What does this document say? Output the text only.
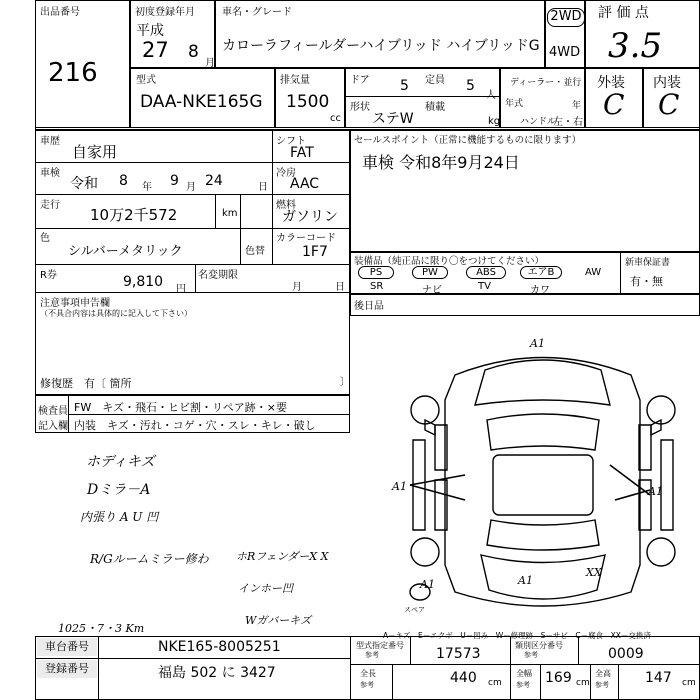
出品番号
216
初度登録年月
平成
27 8
月
車名・グレード
カローラフィールダーハイブリッド ハイブリッドG
2WD
4WD
評 価 点
3.5
型式
DAA-NKE165G
排気量
1500
cc
ドア 5 定員 5
人
形状
ステW
積載
kg
ディーラー・並行
年式	年
ハンドル
左・右
外装
C
内装
C
車歴
自家用
シフト
FAT
車検
令和 8 年 9 月 24	日
冷房
AAC
走行
10万2千572	km
燃料
ガソリン
色
シルバーメタリック	色替
カラーコード
1F7
R券	9,810 円
名変期限
月	日
注意事項申告欄
（不具合内容は具体的に記入して下さい）
修復歴　有〔 箇所	〕
セールスポイント（正常に機能するものに限ります）
車検 令和8年9月24日
装備品（純正品に限り〇をつけてください）
PS	PW	ABS	エアB	AW
SR	ナビ	TV	カワ
新車保証書
有・無
後日品
検査員
記入欄
FW　キズ・飛石・ヒビ割・リペア跡・×要
内装　キズ・汚れ・コゲ・穴・スレ・キレ・破し
ホディキズ
Dミラ－A
内張り A U 凹
R/Gルームミラー修わ ホRフェンダーX X
インホー凹
Wガバーキズ
1025・7・3 Km
A1
A1	A1
A1	A1
XX
スペア
A－キズ　E－エクボ　U－凹み　W－修理跡　S－サビ　C－腐食　XX－交換済
車台番号	NKE165-8005251
登録番号	福島 502 に 3427
型式指定番号
参考	17573
類別区分番号
参考	0009
全長
参考	440 cm
全幅
参考 169 cm
全高
参考	147 cm
